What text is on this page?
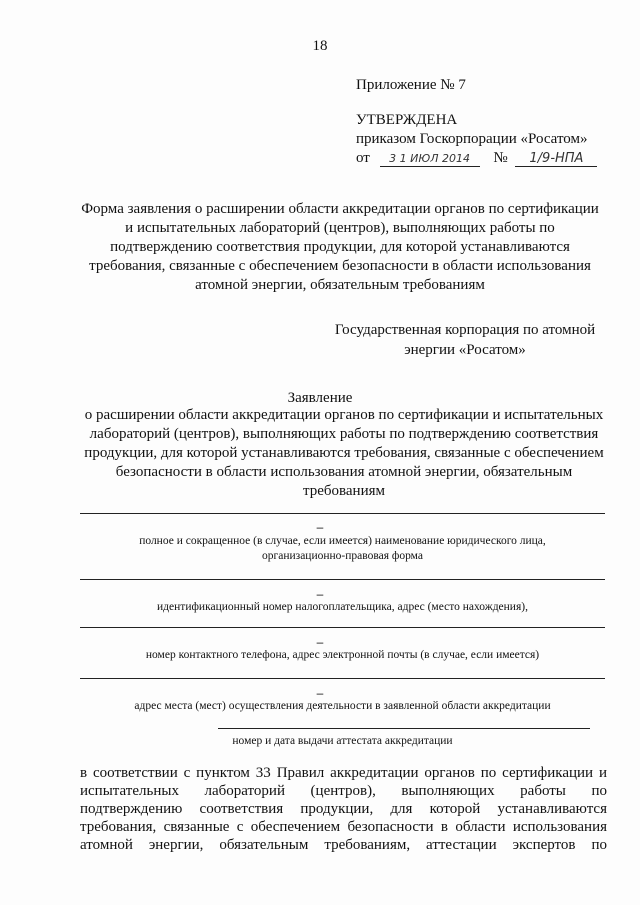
18
Приложение № 7
УТВЕРЖДЕНА
приказом Госкорпорации «Росатом»
от 3 1 ИЮЛ 2014 № 1/9-НПА
Форма заявления о расширении области аккредитации органов по сертификации
и испытательных лабораторий (центров), выполняющих работы по
подтверждению соответствия продукции, для которой устанавливаются
требования, связанные с обеспечением безопасности в области использования
атомной энергии, обязательным требованиям
Государственная корпорация по атомной
энергии «Росатом»
Заявление
о расширении области аккредитации органов по сертификации и испытательных
лабораторий (центров), выполняющих работы по подтверждению соответствия
продукции, для которой устанавливаются требования, связанные с обеспечением
безопасности в области использования атомной энергии, обязательным
требованиям
–
полное и сокращенное (в случае, если имеется) наименование юридического лица,
организационно-правовая форма
–
идентификационный номер налогоплательщика, адрес (место нахождения),
–
номер контактного телефона, адрес электронной почты (в случае, если имеется)
–
адрес места (мест) осуществления деятельности в заявленной области аккредитации
номер и дата выдачи аттестата аккредитации
в соответствии с пунктом 33 Правил аккредитации органов по сертификации и
испытательных лабораторий (центров), выполняющих работы по
подтверждению соответствия продукции, для которой устанавливаются
требования, связанные с обеспечением безопасности в области использования
атомной энергии, обязательным требованиям, аттестации экспертов по
